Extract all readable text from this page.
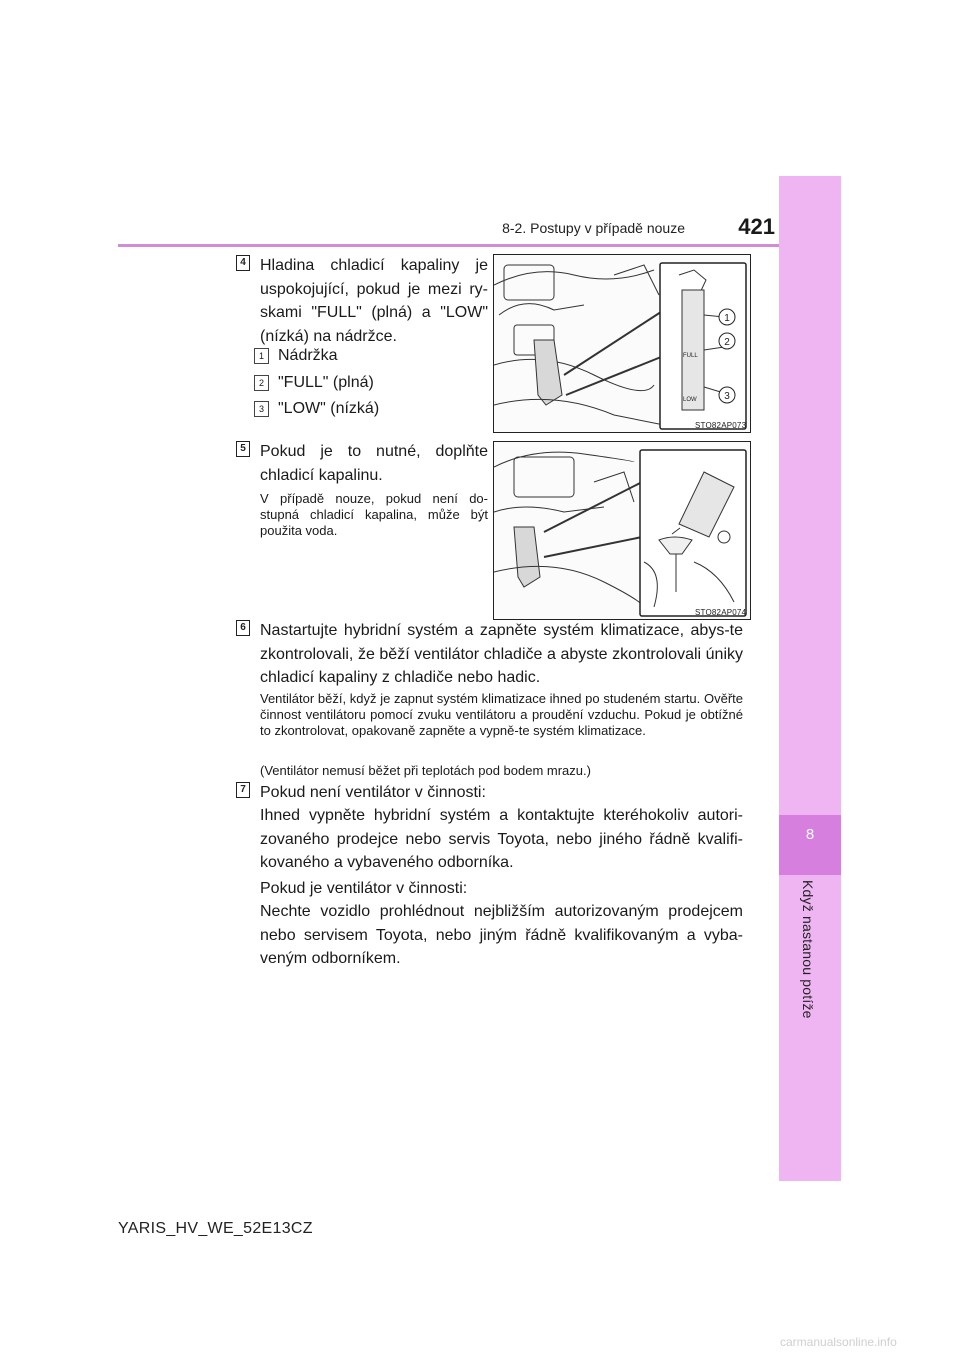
8
Když nastanou potíže
8-2. Postupy v případě nouze	421
4 Hladina chladicí kapaliny je uspokojující, pokud je mezi ry-skami "FULL" (plná) a "LOW" (nízká) na nádržce.
1 Nádržka
2 "FULL" (plná)
3 "LOW" (nízká)
FULL
LOW
1
2
3
STO82AP073
5 Pokud je to nutné, doplňte chladicí kapalinu.
V případě nouze, pokud není do-stupná chladicí kapalina, může být použita voda.
STO82AP074
6 Nastartujte hybridní systém a zapněte systém klimatizace, abys-te zkontrolovali, že běží ventilátor chladiče a abyste zkontrolovali úniky chladicí kapaliny z chladiče nebo hadic.
Ventilátor běží, když je zapnut systém klimatizace ihned po studeném startu. Ověřte činnost ventilátoru pomocí zvuku ventilátoru a proudění vzduchu. Pokud je obtížné to zkontrolovat, opakovaně zapněte a vypně-te systém klimatizace.
(Ventilátor nemusí běžet při teplotách pod bodem mrazu.)
7 Pokud není ventilátor v činnosti:
Ihned vypněte hybridní systém a kontaktujte kteréhokoliv autori-zovaného prodejce nebo servis Toyota, nebo jiného řádně kvalifi-kovaného a vybaveného odborníka.
Pokud je ventilátor v činnosti:
Nechte vozidlo prohlédnout nejbližším autorizovaným prodejcem nebo servisem Toyota, nebo jiným řádně kvalifikovaným a vyba-veným odborníkem.
YARIS_HV_WE_52E13CZ
carmanualsonline.info
